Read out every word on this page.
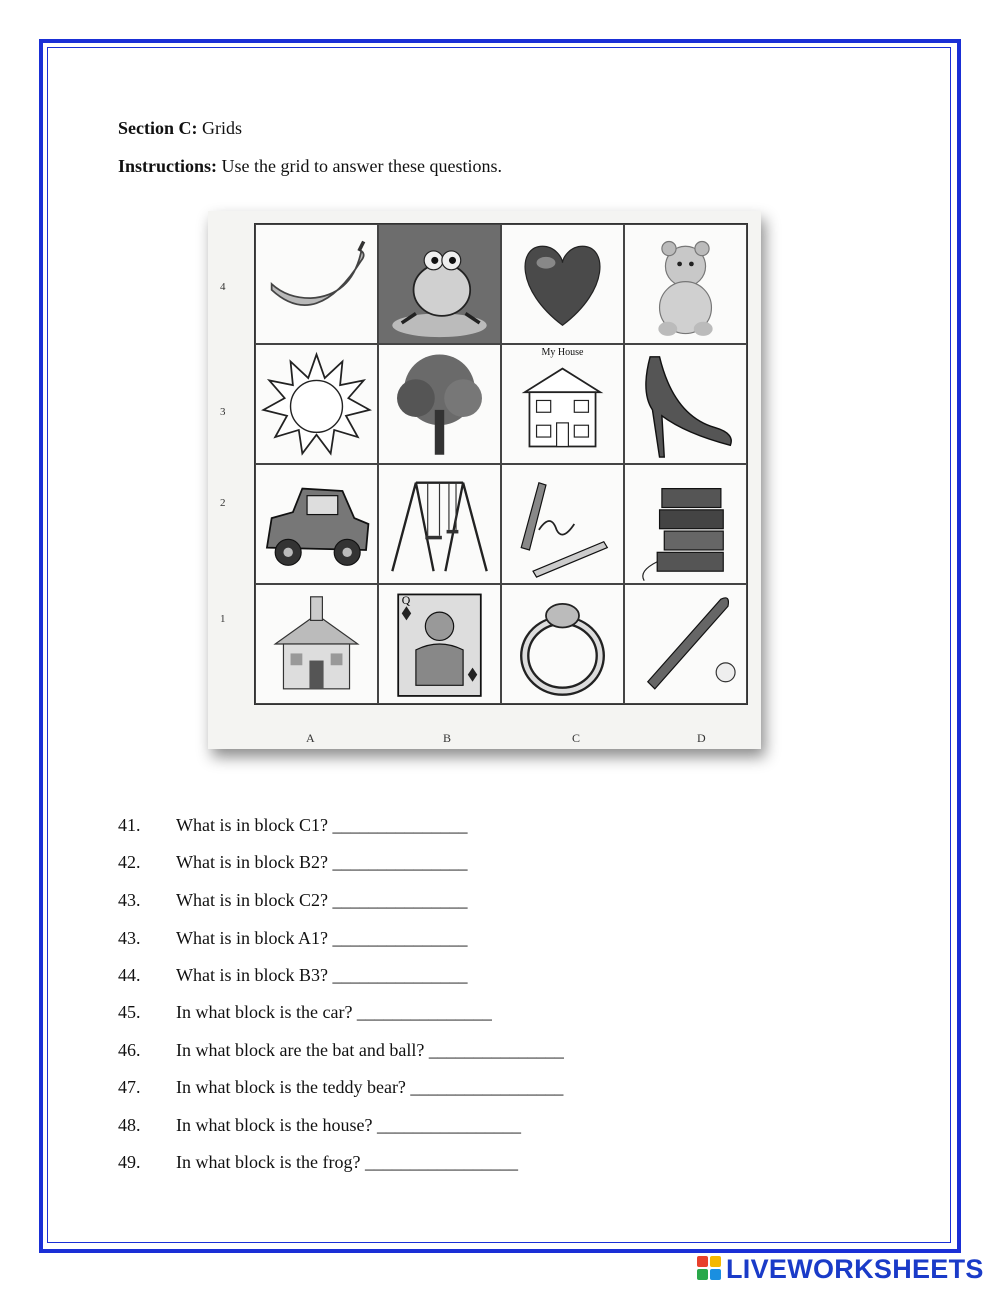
Section C: Grids
Instructions: Use the grid to answer these questions.
4
3
2
1
My House
Q
A	B	C	D
41. What is in block C1? _______________
42. What is in block B2? _______________
43. What is in block C2? _______________
43. What is in block A1? _______________
44. What is in block B3? _______________
45. In what block is the car? _______________
46. In what block are the bat and ball? _______________
47. In what block is the teddy bear? _________________
48. In what block is the house? ________________
49. In what block is the frog? _________________
LIVEWORKSHEETS
